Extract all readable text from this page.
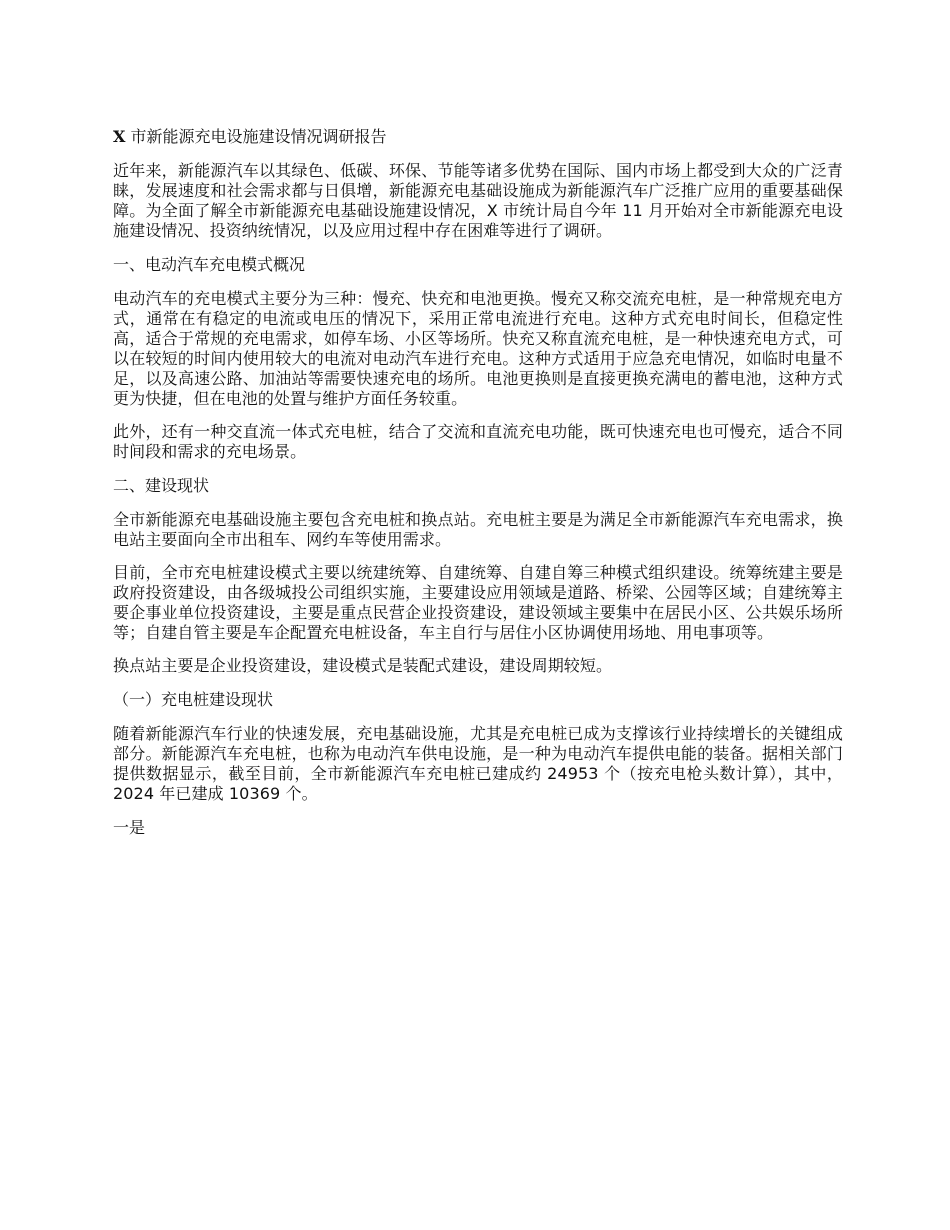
X 市新能源充电设施建设情况调研报告

近年来，新能源汽车以其绿色、低碳、环保、节能等诸多优势在国际、国内市场上都受到大众的广泛青睐，发展速度和社会需求都与日俱增，新能源充电基础设施成为新能源汽车广泛推广应用的重要基础保障。为全面了解全市新能源充电基础设施建设情况，X 市统计局自今年 11 月开始对全市新能源充电设施建设情况、投资纳统情况，以及应用过程中存在困难等进行了调研。

一、电动汽车充电模式概况

电动汽车的充电模式主要分为三种：慢充、快充和电池更换。慢充又称交流充电桩，是一种常规充电方式，通常在有稳定的电流或电压的情况下，采用正常电流进行充电。这种方式充电时间长，但稳定性高，适合于常规的充电需求，如停车场、小区等场所。快充又称直流充电桩，是一种快速充电方式，可以在较短的时间内使用较大的电流对电动汽车进行充电。这种方式适用于应急充电情况，如临时电量不足，以及高速公路、加油站等需要快速充电的场所。电池更换则是直接更换充满电的蓄电池，这种方式更为快捷，但在电池的处置与维护方面任务较重。

此外，还有一种交直流一体式充电桩，结合了交流和直流充电功能，既可快速充电也可慢充，适合不同时间段和需求的充电场景。

二、建设现状

全市新能源充电基础设施主要包含充电桩和换点站。充电桩主要是为满足全市新能源汽车充电需求，换电站主要面向全市出租车、网约车等使用需求。

目前，全市充电桩建设模式主要以统建统筹、自建统筹、自建自筹三种模式组织建设。统筹统建主要是政府投资建设，由各级城投公司组织实施，主要建设应用领域是道路、桥梁、公园等区域；自建统筹主要企事业单位投资建设，主要是重点民营企业投资建设，建设领域主要集中在居民小区、公共娱乐场所等；自建自管主要是车企配置充电桩设备，车主自行与居住小区协调使用场地、用电事项等。

换点站主要是企业投资建设，建设模式是装配式建设，建设周期较短。

（一）充电桩建设现状

随着新能源汽车行业的快速发展，充电基础设施，尤其是充电桩已成为支撑该行业持续增长的关键组成部分。新能源汽车充电桩，也称为电动汽车供电设施，是一种为电动汽车提供电能的装备。据相关部门提供数据显示，截至目前，全市新能源汽车充电桩已建成约 24953 个（按充电枪头数计算），其中，2024 年已建成 10369 个。

一是
